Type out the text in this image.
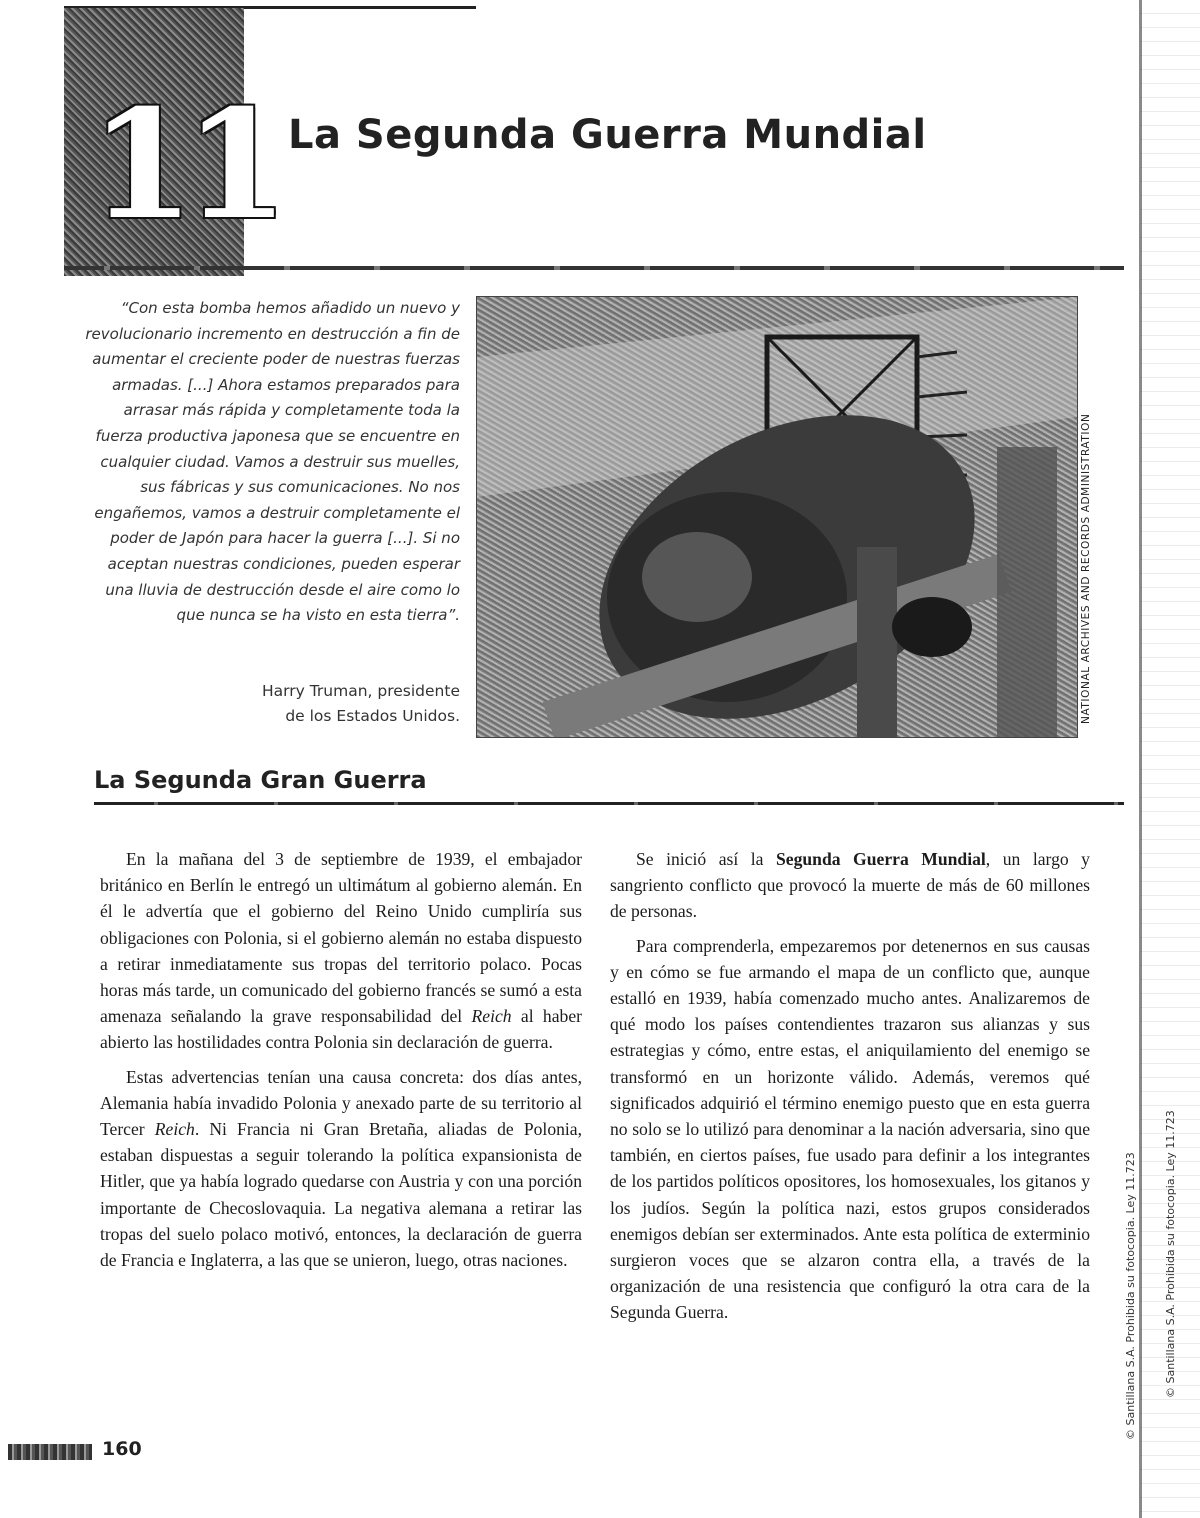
11 La Segunda Guerra Mundial
“Con esta bomba hemos añadido un nuevo y revolucionario incremento en destrucción a fin de aumentar el creciente poder de nuestras fuerzas armadas. [...] Ahora estamos preparados para arrasar más rápida y completamente toda la fuerza productiva japonesa que se encuentre en cualquier ciudad. Vamos a destruir sus muelles, sus fábricas y sus comunicaciones. No nos engañemos, vamos a destruir completamente el poder de Japón para hacer la guerra [...]. Si no aceptan nuestras condiciones, pueden esperar una lluvia de destrucción desde el aire como lo que nunca se ha visto en esta tierra”.
Harry Truman, presidente
de los Estados Unidos.	NATIONAL ARCHIVES AND RECORDS ADMINISTRATION
La Segunda Gran Guerra

En la mañana del 3 de septiembre de 1939, el embajador británico en Berlín le entregó un ultimátum al gobierno alemán. En él le advertía que el gobierno del Reino Unido cumpliría sus obligaciones con Polonia, si el gobierno alemán no estaba dispuesto a retirar inmediatamente sus tropas del territorio polaco. Pocas horas más tarde, un comunicado del gobierno francés se sumó a esta amenaza señalando la grave responsabilidad del Reich al haber abierto las hostilidades contra Polonia sin declaración de guerra.

Estas advertencias tenían una causa concreta: dos días antes, Alemania había invadido Polonia y anexado parte de su territorio al Tercer Reich. Ni Francia ni Gran Bretaña, aliadas de Polonia, estaban dispuestas a seguir tolerando la política expansionista de Hitler, que ya había logrado quedarse con Austria y con una porción importante de Checoslovaquia. La negativa alemana a retirar las tropas del suelo polaco motivó, entonces, la declaración de guerra de Francia e Inglaterra, a las que se unieron, luego, otras naciones.

Se inició así la Segunda Guerra Mundial, un largo y sangriento conflicto que provocó la muerte de más de 60 millones de personas.

Para comprenderla, empezaremos por detenernos en sus causas y en cómo se fue armando el mapa de un conflicto que, aunque estalló en 1939, había comenzado mucho antes. Analizaremos de qué modo los países contendientes trazaron sus alianzas y sus estrategias y cómo, entre estas, el aniquilamiento del enemigo se transformó en un horizonte válido. Además, veremos qué significados adquirió el término enemigo puesto que en esta guerra no solo se lo utilizó para denominar a la nación adversaria, sino que también, en ciertos países, fue usado para definir a los integrantes de los partidos políticos opositores, los homosexuales, los gitanos y los judíos. Según la política nazi, estos grupos considerados enemigos debían ser exterminados. Ante esta política de exterminio surgieron voces que se alzaron contra ella, a través de la organización de una resistencia que configuró la otra cara de la Segunda Guerra.

160
© Santillana S.A. Prohibida su fotocopia. Ley 11.723 © Santillana S.A. Prohibida su fotocopia. Ley 11.723
